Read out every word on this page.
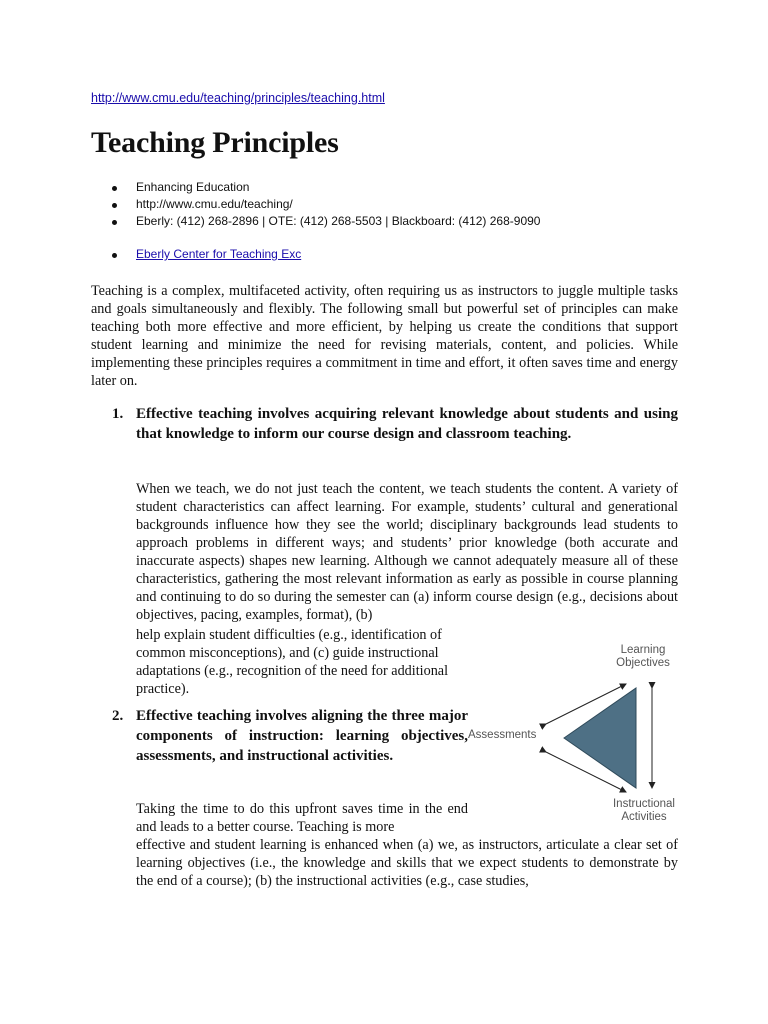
http://www.cmu.edu/teaching/principles/teaching.html
Teaching Principles
Enhancing Education
http://www.cmu.edu/teaching/
Eberly: (412) 268-2896 | OTE: (412) 268-5503 | Blackboard: (412) 268-9090
Eberly Center for Teaching Exc

Teaching is a complex, multifaceted activity, often requiring us as instructors to juggle multiple tasks and goals simultaneously and flexibly. The following small but powerful set of principles can make teaching both more effective and more efficient, by helping us create the conditions that support student learning and minimize the need for revising materials, content, and policies. While implementing these principles requires a commitment in time and effort, it often saves time and energy later on.

1. Effective teaching involves acquiring relevant knowledge about students and using that knowledge to inform our course design and classroom teaching.

When we teach, we do not just teach the content, we teach students the content. A variety of student characteristics can affect learning. For example, students’ cultural and generational backgrounds influence how they see the world; disciplinary backgrounds lead students to approach problems in different ways; and students’ prior knowledge (both accurate and inaccurate aspects) shapes new learning. Although we cannot adequately measure all of these characteristics, gathering the most relevant information as early as possible in course planning and continuing to do so during the semester can (a) inform course design (e.g., decisions about objectives, pacing, examples, format), (b)

help explain student difficulties (e.g., identification of common misconceptions), and (c) guide instructional adaptations (e.g., recognition of the need for additional practice).

2. Effective teaching involves aligning the three major components of instruction: learning objectives, assessments, and instructional activities.

Taking the time to do this upfront saves time in the end and leads to a better course. Teaching is more

effective and student learning is enhanced when (a) we, as instructors, articulate a clear set of learning objectives (i.e., the knowledge and skills that we expect students to demonstrate by the end of a course); (b) the instructional activities (e.g., case studies,

Learning Objectives
Assessments
Instructional Activities
